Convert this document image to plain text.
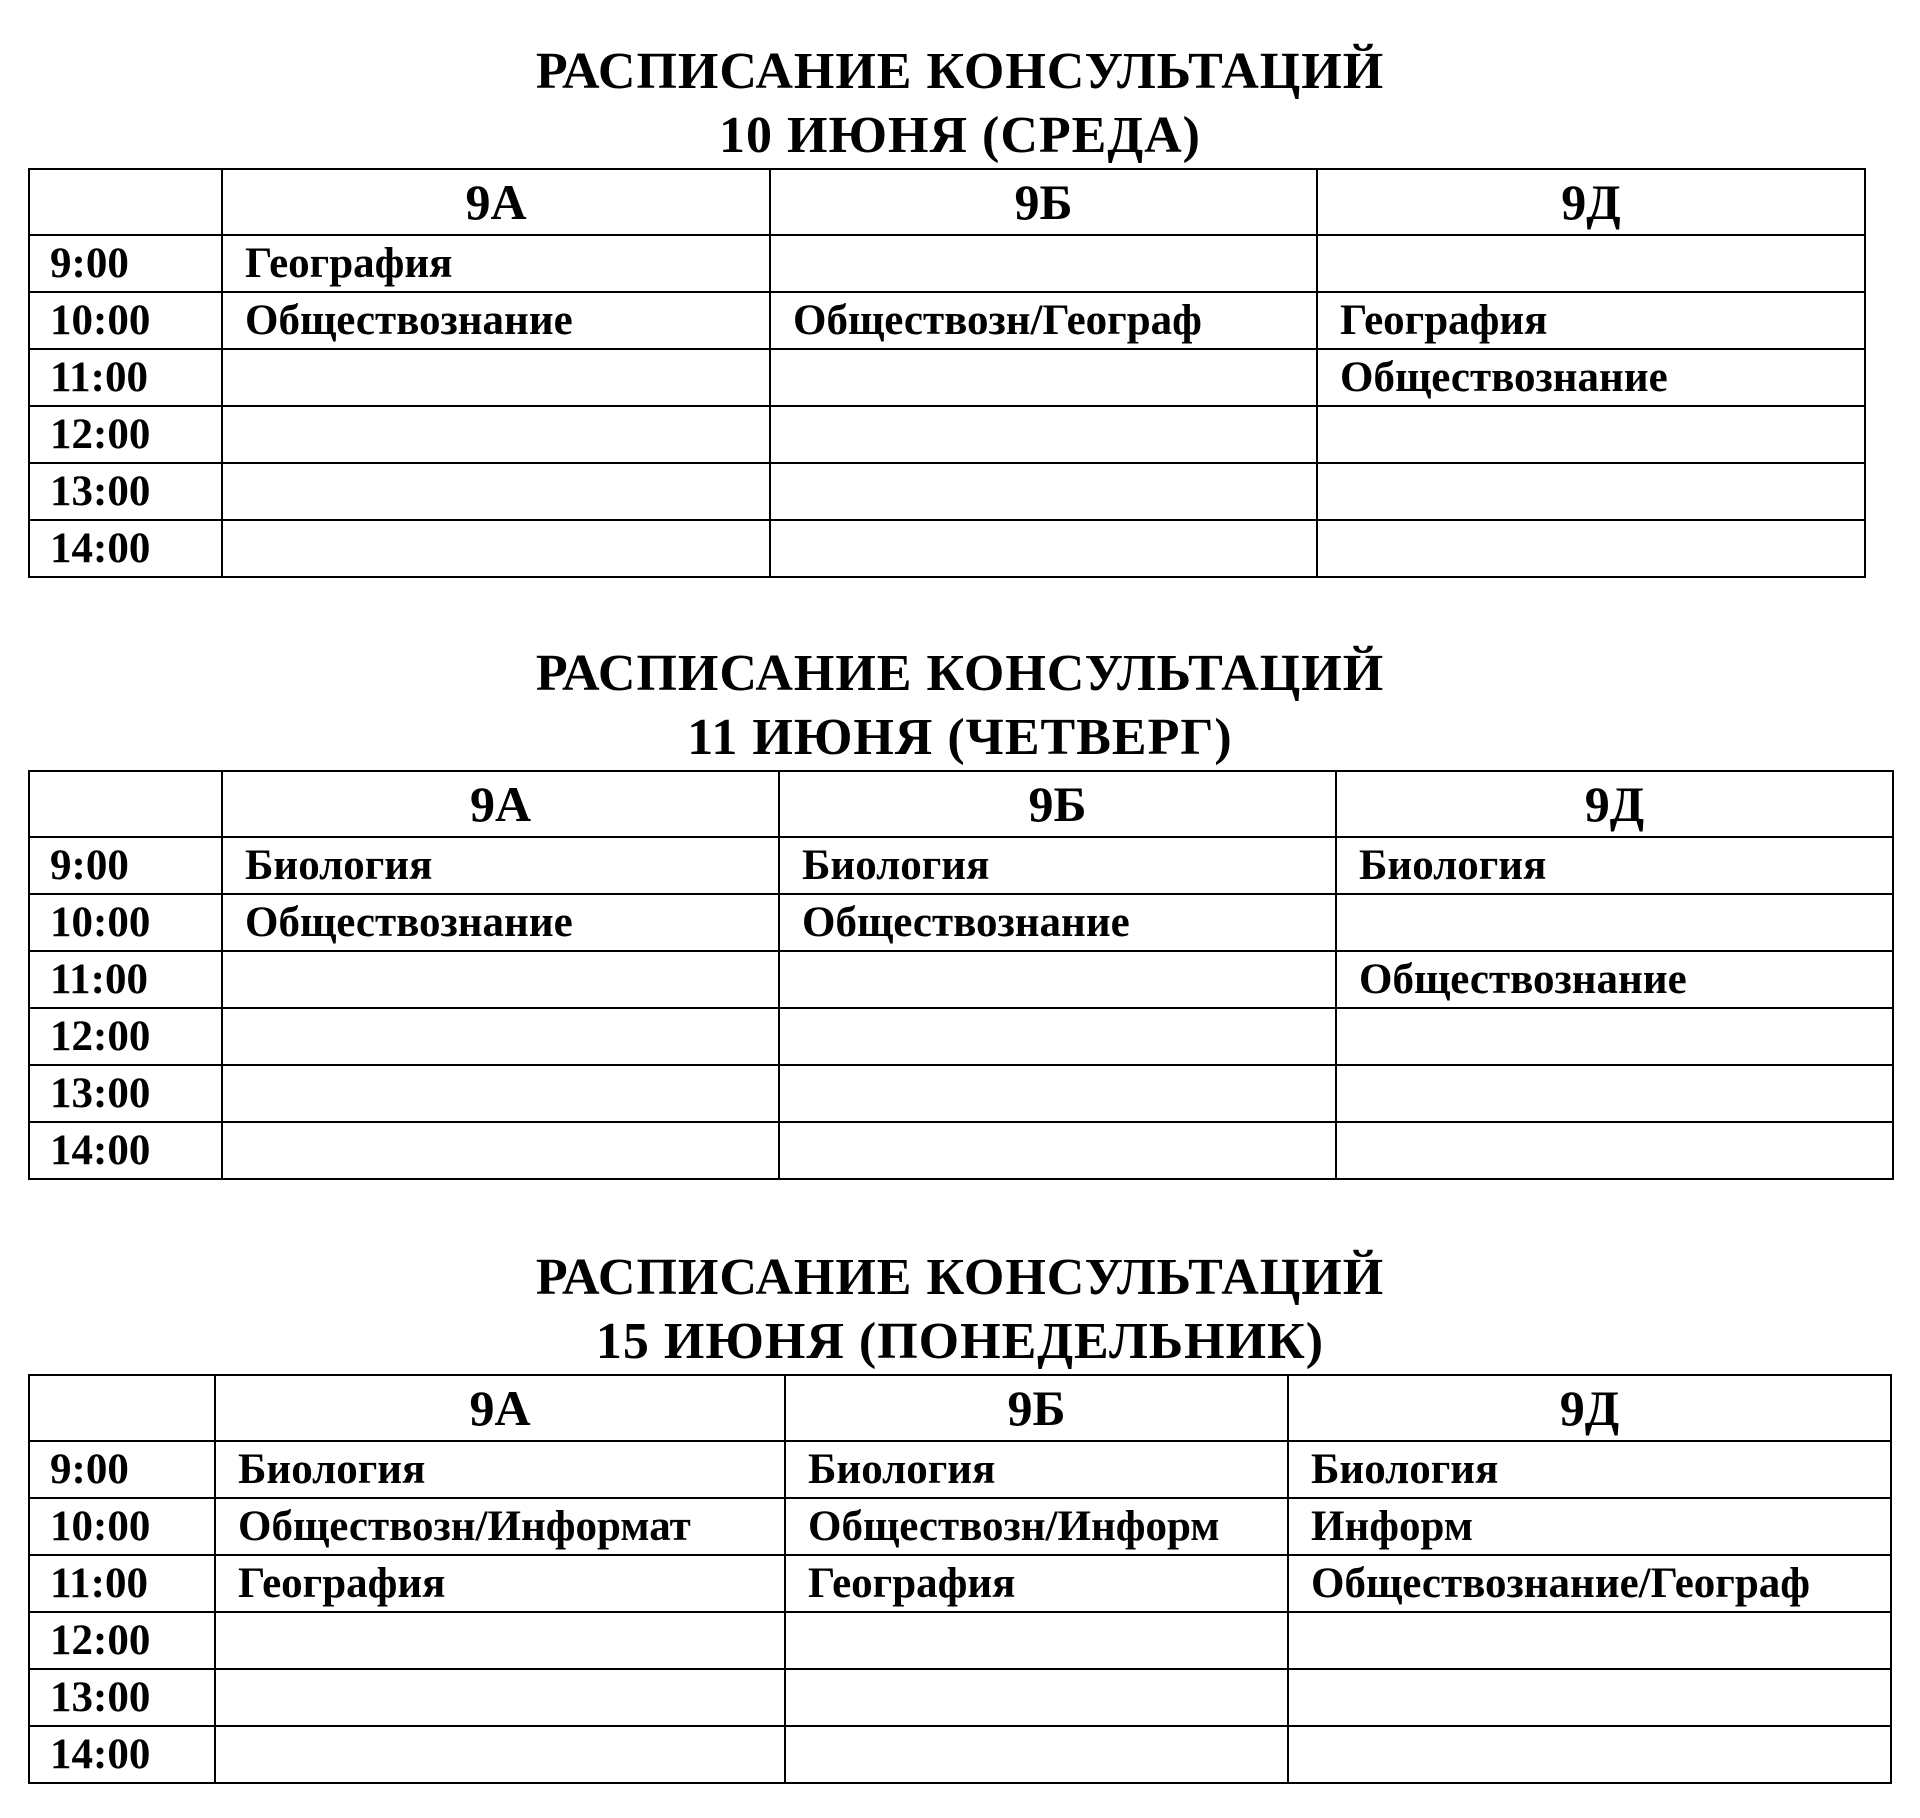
РАСПИСАНИЕ КОНСУЛЬТАЦИЙ
10 ИЮНЯ (СРЕДА)
	9А	9Б	9Д
9:00	География		
10:00	Обществознание	Обществозн/Географ	География
11:00			Обществознание
12:00			
13:00			
14:00			
РАСПИСАНИЕ КОНСУЛЬТАЦИЙ
11 ИЮНЯ (ЧЕТВЕРГ)
	9А	9Б	9Д
9:00	Биология	Биология	Биология
10:00	Обществознание	Обществознание	
11:00			Обществознание
12:00			
13:00			
14:00			
РАСПИСАНИЕ КОНСУЛЬТАЦИЙ
15 ИЮНЯ (ПОНЕДЕЛЬНИК)
	9А	9Б	9Д
9:00	Биология	Биология	Биология
10:00	Обществозн/Информат	Обществозн/Информ	Информ
11:00	География	География	Обществознание/Географ
12:00			
13:00			
14:00			
